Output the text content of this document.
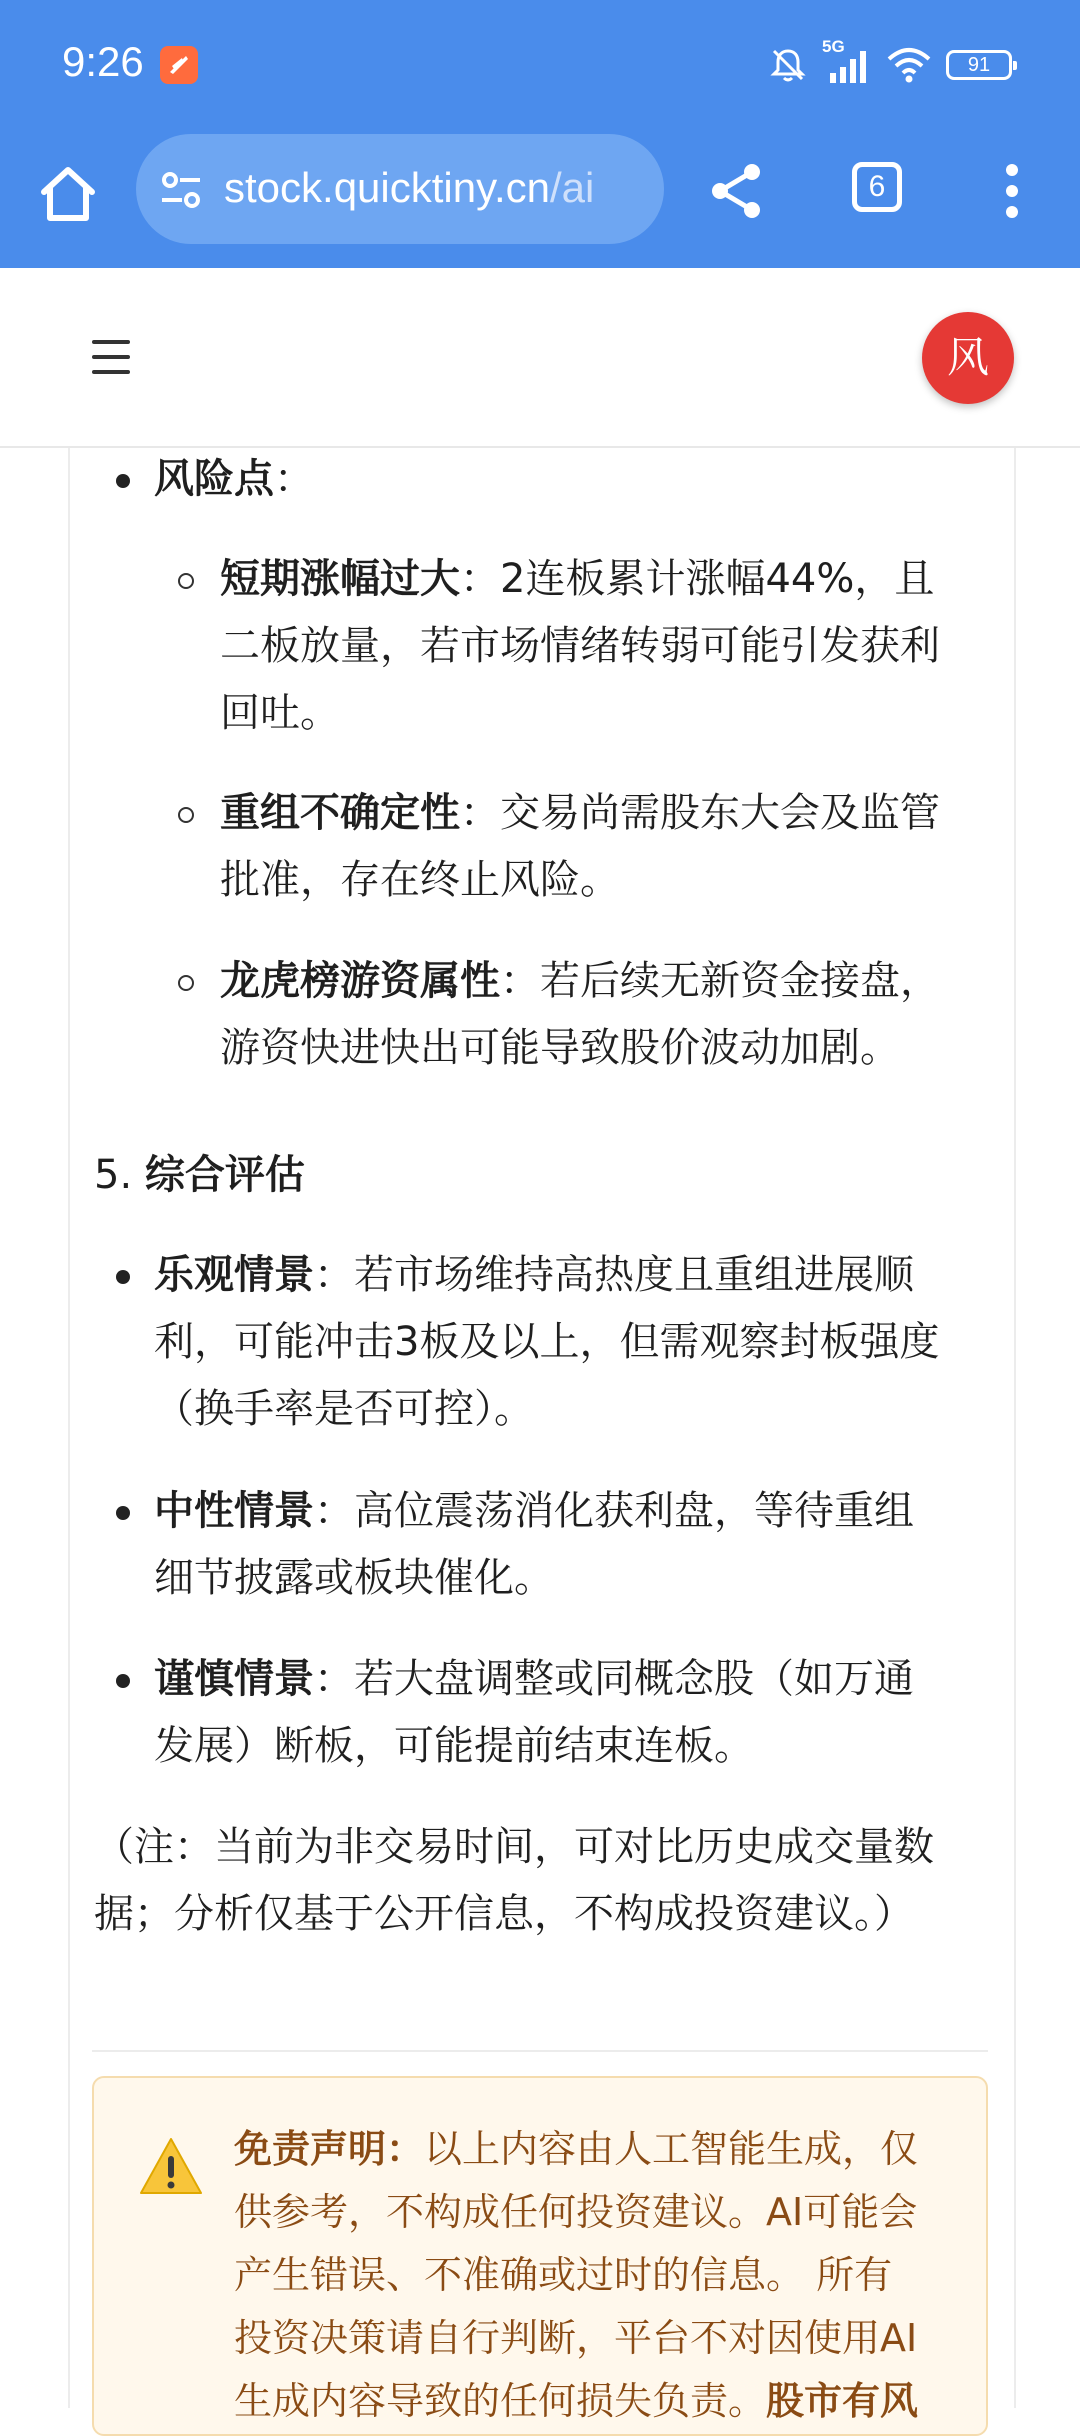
9:26	5G
91
stock.quicktiny.cn/ai	6
风
风险点：
短期涨幅过大：2连板累计涨幅44%，且
二板放量，若市场情绪转弱可能引发获利
回吐。
重组不确定性：交易尚需股东大会及监管
批准，存在终止风险。
龙虎榜游资属性：若后续无新资金接盘，
游资快进快出可能导致股价波动加剧。
5. 综合评估
乐观情景：若市场维持高热度且重组进展顺
利，可能冲击3板及以上，但需观察封板强度
（换手率是否可控）。
中性情景：高位震荡消化获利盘，等待重组
细节披露或板块催化。
谨慎情景：若大盘调整或同概念股（如万通
发展）断板，可能提前结束连板。
（注：当前为非交易时间，可对比历史成交量数
据；分析仅基于公开信息，不构成投资建议。）
免责声明：以上内容由人工智能生成，仅
供参考，不构成任何投资建议。AI可能会
产生错误、不准确或过时的信息。 所有
投资决策请自行判断，平台不对因使用AI
生成内容导致的任何损失负责。股市有风
